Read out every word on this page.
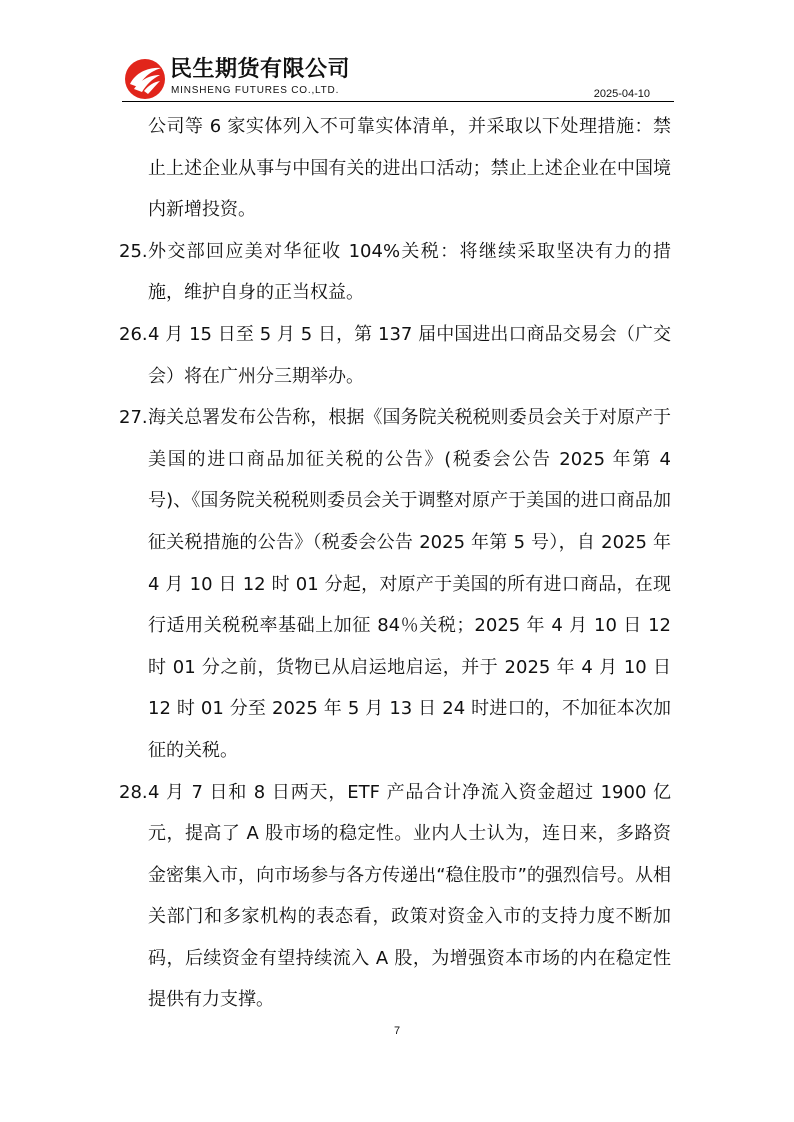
民生期货有限公司
MINSHENG FUTURES CO.,LTD.	2025-04-10

公司等 6 家实体列入不可靠实体清单，并采取以下处理措施：禁止上述企业从事与中国有关的进出口活动；禁止上述企业在中国境内新增投资。

25. 外交部回应美对华征收 104%关税：将继续采取坚决有力的措施，维护自身的正当权益。
26. 4 月 15 日至 5 月 5 日，第 137 届中国进出口商品交易会（广交会）将在广州分三期举办。
27. 海关总署发布公告称，根据《国务院关税税则委员会关于对原产于美国的进口商品加征关税的公告》(税委会公告 2025 年第 4 号)、《国务院关税税则委员会关于调整对原产于美国的进口商品加征关税措施的公告》（税委会公告 2025 年第 5 号），自 2025 年 4 月 10 日 12 时 01 分起，对原产于美国的所有进口商品，在现行适用关税税率基础上加征 84％关税；2025 年 4 月 10 日 12 时 01 分之前，货物已从启运地启运，并于 2025 年 4 月 10 日 12 时 01 分至 2025 年 5 月 13 日 24 时进口的，不加征本次加征的关税。
28. 4 月 7 日和 8 日两天，ETF 产品合计净流入资金超过 1900 亿元，提高了 A 股市场的稳定性。业内人士认为，连日来，多路资金密集入市，向市场参与各方传递出“稳住股市”的强烈信号。从相关部门和多家机构的表态看，政策对资金入市的支持力度不断加码，后续资金有望持续流入 A 股，为增强资本市场的内在稳定性提供有力支撑。
7
